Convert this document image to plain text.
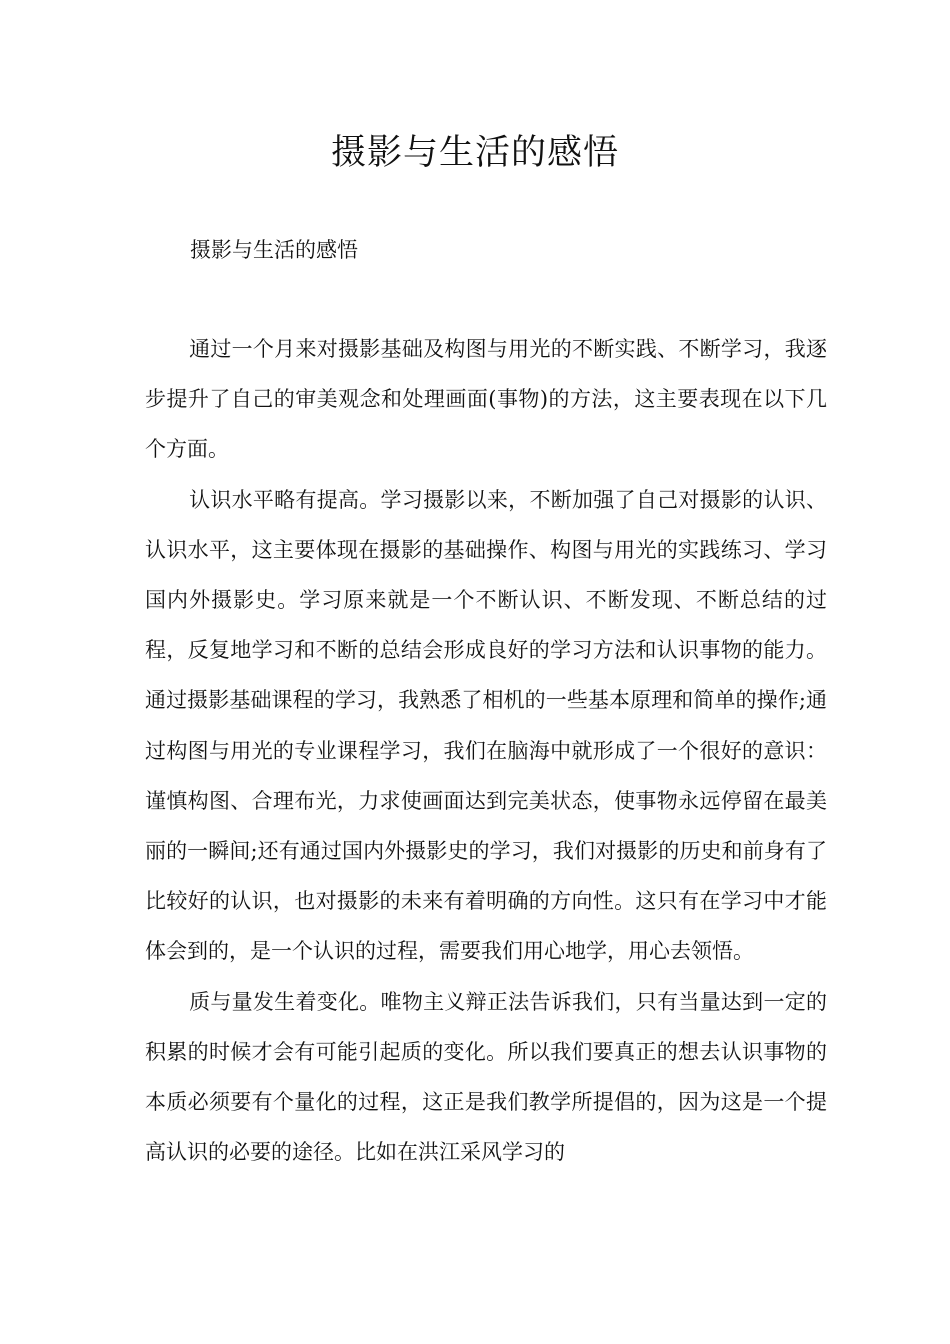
摄影与生活的感悟

摄影与生活的感悟

通过一个月来对摄影基础及构图与用光的不断实践、不断学习，我逐步提升了自己的审美观念和处理画面(事物)的方法，这主要表现在以下几个方面。

认识水平略有提高。学习摄影以来，不断加强了自己对摄影的认识、认识水平，这主要体现在摄影的基础操作、构图与用光的实践练习、学习国内外摄影史。学习原来就是一个不断认识、不断发现、不断总结的过程，反复地学习和不断的总结会形成良好的学习方法和认识事物的能力。通过摄影基础课程的学习，我熟悉了相机的一些基本原理和简单的操作;通过构图与用光的专业课程学习，我们在脑海中就形成了一个很好的意识：谨慎构图、合理布光，力求使画面达到完美状态，使事物永远停留在最美丽的一瞬间;还有通过国内外摄影史的学习，我们对摄影的历史和前身有了比较好的认识，也对摄影的未来有着明确的方向性。这只有在学习中才能体会到的，是一个认识的过程，需要我们用心地学，用心去领悟。

质与量发生着变化。唯物主义辩正法告诉我们，只有当量达到一定的积累的时候才会有可能引起质的变化。所以我们要真正的想去认识事物的本质必须要有个量化的过程，这正是我们教学所提倡的，因为这是一个提高认识的必要的途径。比如在洪江采风学习的
